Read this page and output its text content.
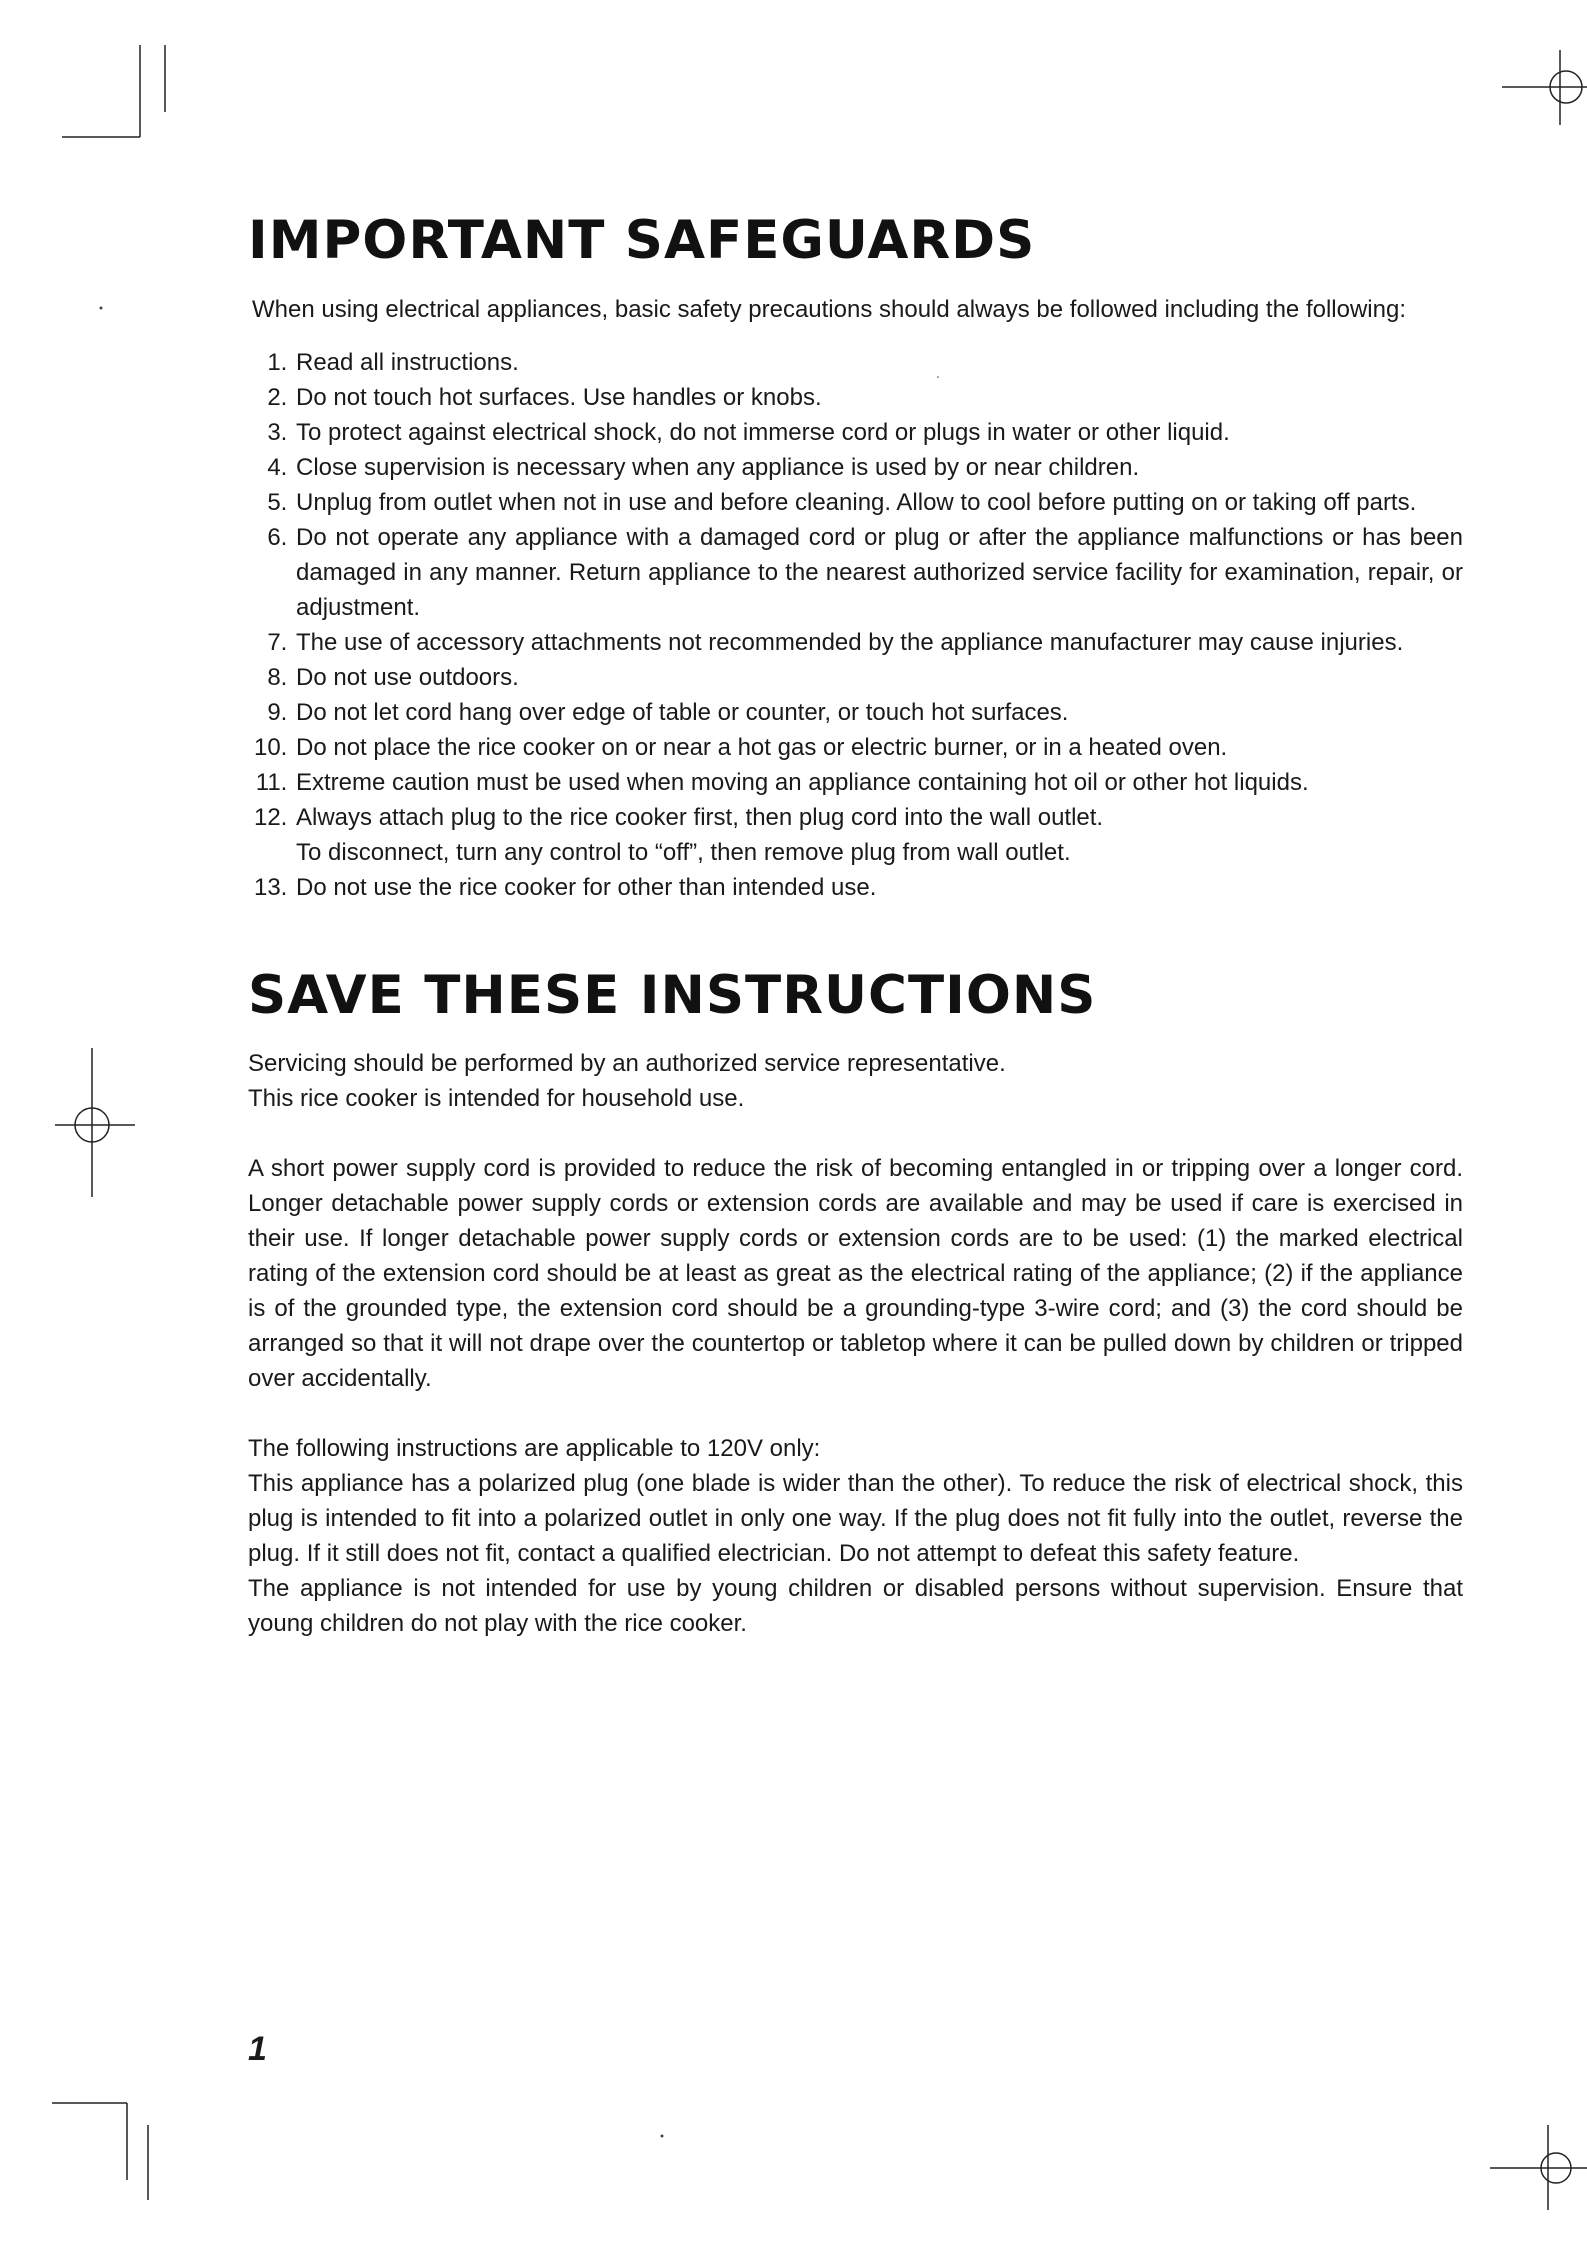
IMPORTANT SAFEGUARDS

When using electrical appliances, basic safety precautions should always be followed including the following:

1. Read all instructions.
2. Do not touch hot surfaces. Use handles or knobs.
3. To protect against electrical shock, do not immerse cord or plugs in water or other liquid.
4. Close supervision is necessary when any appliance is used by or near children.
5. Unplug from outlet when not in use and before cleaning. Allow to cool before putting on or taking off parts.
6. Do not operate any appliance with a damaged cord or plug or after the appliance malfunctions or has been damaged in any manner. Return appliance to the nearest authorized service facility for examination, repair, or adjustment.
7. The use of accessory attachments not recommended by the appliance manufacturer may cause injuries.
8. Do not use outdoors.
9. Do not let cord hang over edge of table or counter, or touch hot surfaces.
10. Do not place the rice cooker on or near a hot gas or electric burner, or in a heated oven.
11. Extreme caution must be used when moving an appliance containing hot oil or other hot liquids.
12. Always attach plug to the rice cooker first, then plug cord into the wall outlet.
To disconnect, turn any control to “off”, then remove plug from wall outlet.
13. Do not use the rice cooker for other than intended use.
SAVE THESE INSTRUCTIONS

Servicing should be performed by an authorized service representative.

This rice cooker is intended for household use.

A short power supply cord is provided to reduce the risk of becoming entangled in or tripping over a longer cord. Longer detachable power supply cords or extension cords are available and may be used if care is exercised in their use. If longer detachable power supply cords or extension cords are to be used: (1) the marked electrical rating of the extension cord should be at least as great as the electrical rating of the appliance; (2) if the appliance is of the grounded type, the extension cord should be a grounding-type 3-wire cord; and (3) the cord should be arranged so that it will not drape over the countertop or tabletop where it can be pulled down by children or tripped over accidentally.

The following instructions are applicable to 120V only:

This appliance has a polarized plug (one blade is wider than the other). To reduce the risk of electrical shock, this plug is intended to fit into a polarized outlet in only one way. If the plug does not fit fully into the outlet, reverse the plug. If it still does not fit, contact a qualified electrician. Do not attempt to defeat this safety feature.

The appliance is not intended for use by young children or disabled persons without supervision. Ensure that young children do not play with the rice cooker.

1
